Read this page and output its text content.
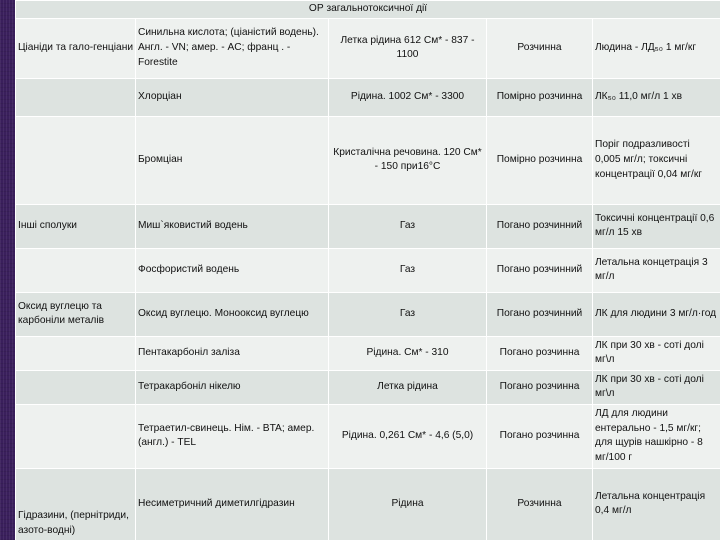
ОР загальнотоксичної дії				
Ціаніди та гало-генціани	Синильна кислота; (ціаністий водень). Англ. - VN; амер. - AC; франц . - Forestite	Летка рідина 612 См* - 837 - 1100	Розчинна	Людина - ЛД₅₀ 1 мг/кг
	Хлорціан	Рідина. 1002 См* - 3300	Помірно розчинна	ЛК₅₀ 11,0 мг/л 1 хв
	Бромціан	Кристалічна речовина. 120 См* - 150 при16°C	Помірно розчинна	Поріг подразливості 0,005 мг/л; токсичні концентрації 0,04 мг/кг
Інші сполуки	Миш`яковистий водень	Газ	Погано розчинний	Токсичні концентрації 0,6 мг/л 15 хв
	Фосфористий водень	Газ	Погано розчинний	Летальна концетрація 3 мг/л
Оксид вуглецю та карбоніли металів	Оксид вуглецю. Монооксид вуглецю	Газ	Погано розчинний	ЛК для людини 3 мг/л·год
	Пентакарбоніл заліза	Рідина. См* - 310	Погано розчинна	ЛК при 30 хв - соті долі мг\л
	Тетракарбоніл нікелю	Летка рідина	Погано розчинна	ЛК при 30 хв - соті долі мг\л
	Тетраетил-свинець. Нім. - BTA; амер. (англ.) - TEL	Рідина. 0,261 См* - 4,6 (5,0)	Погано розчинна	ЛД для людини ентерально - 1,5 мг/кг; для щурів нашкірно - 8 мг/100 г
Гідразини, (пернітриди, азото-водні)	Несиметричний диметилгідразин	Рідина	Розчинна	Летальна концентрація 0,4 мг/л
